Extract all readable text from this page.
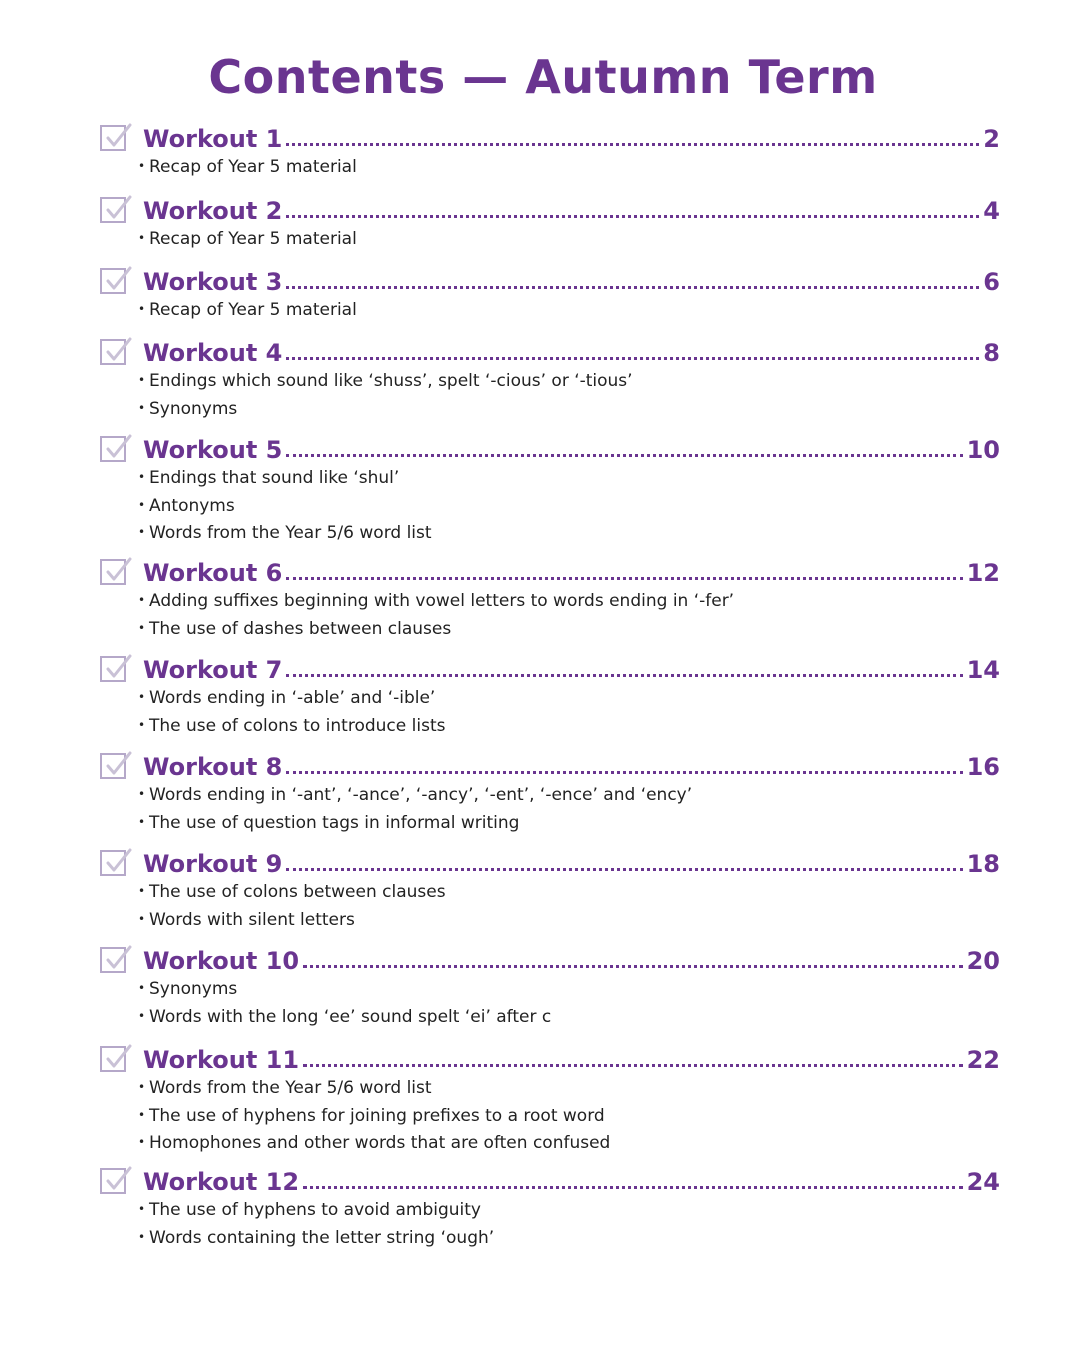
Contents — Autumn Term
Workout 1	2
• Recap of Year 5 material
Workout 2	4
• Recap of Year 5 material
Workout 3	6
• Recap of Year 5 material
Workout 4	8
• Endings which sound like ‘shuss’, spelt ‘-cious’ or ‘-tious’
• Synonyms
Workout 5	10
• Endings that sound like ‘shul’
• Antonyms
• Words from the Year 5/6 word list
Workout 6	12
• Adding suffixes beginning with vowel letters to words ending in ‘-fer’
• The use of dashes between clauses
Workout 7	14
• Words ending in ‘-able’ and ‘-ible’
• The use of colons to introduce lists
Workout 8	16
• Words ending in ‘-ant’, ‘-ance’, ‘-ancy’, ‘-ent’, ‘-ence’ and ‘ency’
• The use of question tags in informal writing
Workout 9	18
• The use of colons between clauses
• Words with silent letters
Workout 10	20
• Synonyms
• Words with the long ‘ee’ sound spelt ‘ei’ after c
Workout 11	22
• Words from the Year 5/6 word list
• The use of hyphens for joining prefixes to a root word
• Homophones and other words that are often confused
Workout 12	24
• The use of hyphens to avoid ambiguity
• Words containing the letter string ‘ough’
